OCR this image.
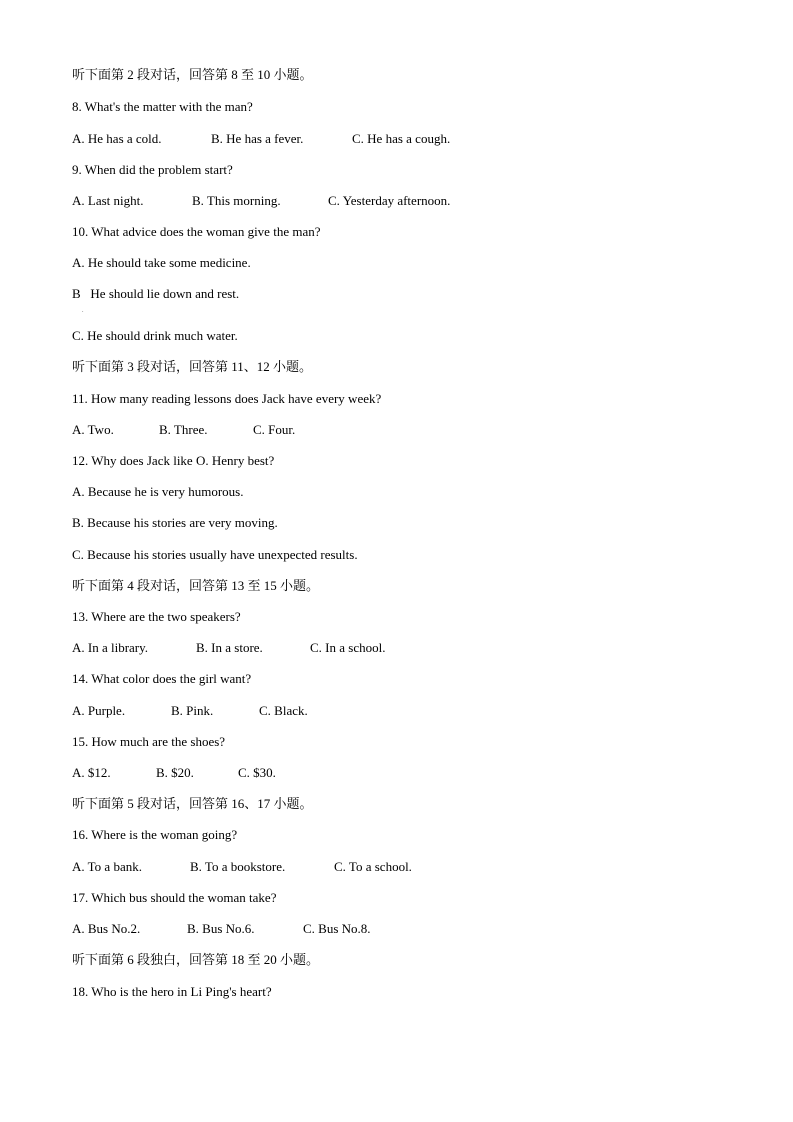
听下面第 2 段对话，回答第 8 至 10 小题。
8. What's the matter with the man?
A. He has a cold.	B. He has a fever.	C. He has a cough.
9. When did the problem start?
A. Last night.	B. This morning.	C. Yesterday afternoon.
10. What advice does the woman give the man?
A. He should take some medicine.
B   He should lie down and rest.
.
C. He should drink much water.
听下面第 3 段对话，回答第 11、12 小题。
11. How many reading lessons does Jack have every week?
A. Two.	B. Three.	C. Four.
12. Why does Jack like O. Henry best?
A. Because he is very humorous.
B. Because his stories are very moving.
C. Because his stories usually have unexpected results.
听下面第 4 段对话，回答第 13 至 15 小题。
13. Where are the two speakers?
A. In a library.	B. In a store.	C. In a school.
14. What color does the girl want?
A. Purple.	B. Pink.	C. Black.
15. How much are the shoes?
A. $12.	B. $20.	C. $30.
听下面第 5 段对话，回答第 16、17 小题。
16. Where is the woman going?
A. To a bank.	B. To a bookstore.	C. To a school.
17. Which bus should the woman take?
A. Bus No.2.	B. Bus No.6.	C. Bus No.8.
听下面第 6 段独白，回答第 18 至 20 小题。
18. Who is the hero in Li Ping's heart?
